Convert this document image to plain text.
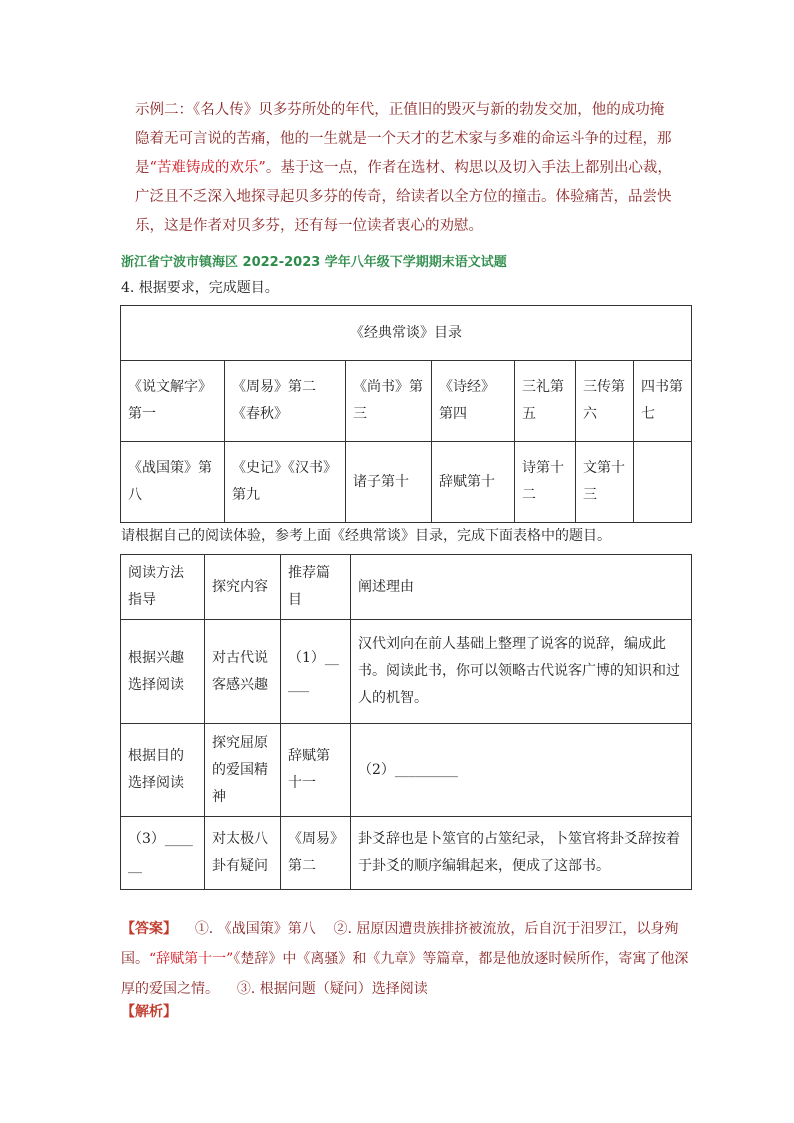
示例二：《名人传》贝多芬所处的年代，正值旧的毁灭与新的勃发交加，他的成功掩隐着无可言说的苦痛，他的一生就是一个天才的艺术家与多难的命运斗争的过程，那是“苦难铸成的欢乐”。基于这一点，作者在选材、构思以及切入手法上都别出心裁，广泛且不乏深入地探寻起贝多芬的传奇，给读者以全方位的撞击。体验痛苦，品尝快乐，这是作者对贝多芬，还有每一位读者衷心的劝慰。

浙江省宁波市镇海区 2022-2023 学年八年级下学期期末语文试题
4. 根据要求，完成题目。
《经典常谈》目录						
《说文解字》第一	《周易》第二《春秋》	《尚书》第三	《诗经》第四	三礼第五	三传第六	四书第七
《战国策》第八	《史记》《汉书》第九	诸子第十	辞赋第十	诗第十二	文第十三	
请根据自己的阅读体验，参考上面《经典常谈》目录，完成下面表格中的题目。
阅读方法指导	探究内容	推荐篇目	阐述理由
根据兴趣选择阅读	对古代说客感兴趣	（1）_____	汉代刘向在前人基础上整理了说客的说辞，编成此书。阅读此书，你可以领略古代说客广博的知识和过人的机智。
根据目的选择阅读	探究屈原的爱国精神	辞赋第十一	（2）_________
（3）______	对太极八卦有疑问	《周易》第二	卦爻辞也是卜筮官的占筮纪录，卜筮官将卦爻辞按着于卦爻的顺序编辑起来，便成了这部书。

【答案】 ①. 《战国策》第八 ②. 屈原因遭贵族排挤被流放，后自沉于汨罗江，以身殉国。“辞赋第十一”《楚辞》中《离骚》和《九章》等篇章，都是他放逐时候所作，寄寓了他深厚的爱国之情。 ③. 根据问题（疑问）选择阅读

【解析】
